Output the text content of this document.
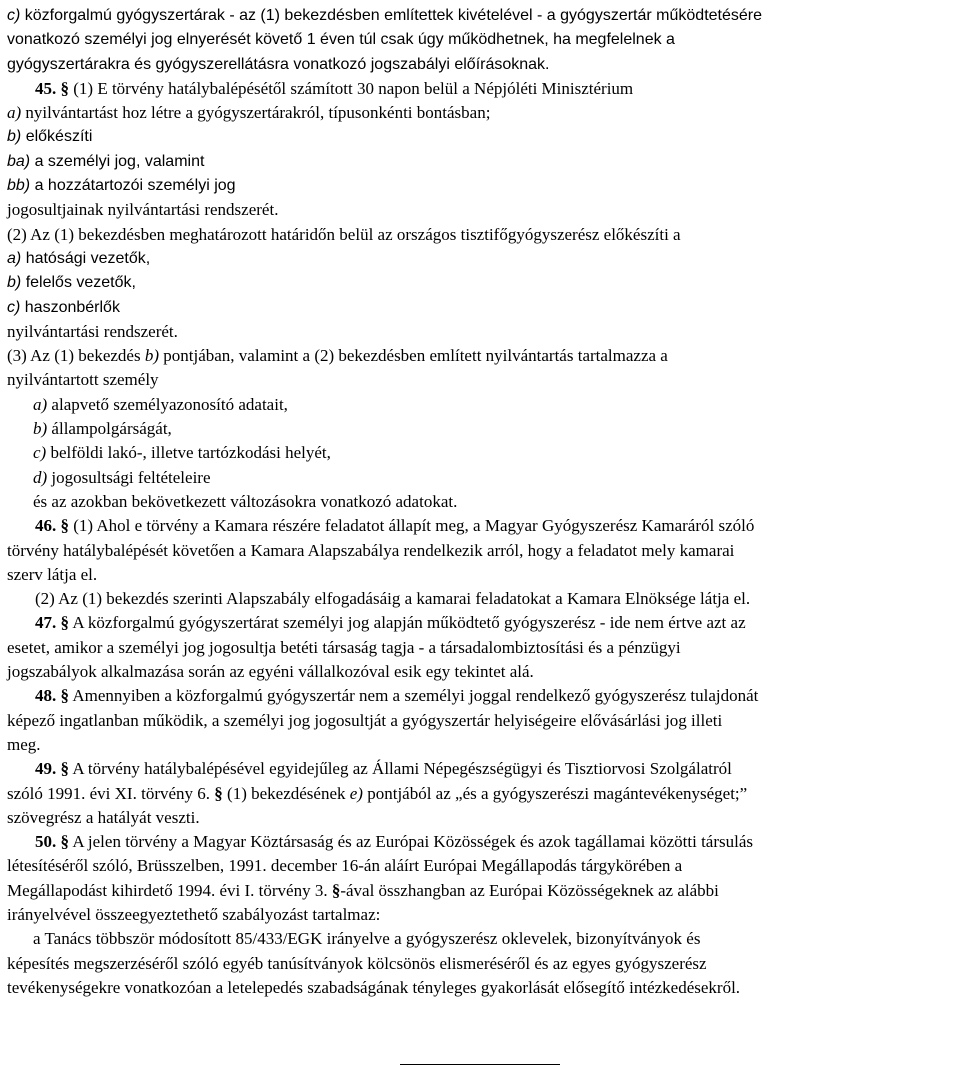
c) közforgalmú gyógyszertárak - az (1) bekezdésben említettek kivételével - a gyógyszertár működtetésére
vonatkozó személyi jog elnyerését követő 1 éven túl csak úgy működhetnek, ha megfelelnek a
gyógyszertárakra és gyógyszerellátásra vonatkozó jogszabályi előírásoknak.
45. § (1) E törvény hatálybalépésétől számított 30 napon belül a Népjóléti Minisztérium
a) nyilvántartást hoz létre a gyógyszertárakról, típusonkénti bontásban;
b) előkészíti
ba) a személyi jog, valamint
bb) a hozzátartozói személyi jog
jogosultjainak nyilvántartási rendszerét.
(2) Az (1) bekezdésben meghatározott határidőn belül az országos tisztifőgyógyszerész előkészíti a
a) hatósági vezetők,
b) felelős vezetők,
c) haszonbérlők
nyilvántartási rendszerét.
(3) Az (1) bekezdés b) pontjában, valamint a (2) bekezdésben említett nyilvántartás tartalmazza a
nyilvántartott személy
a) alapvető személyazonosító adatait,
b) állampolgárságát,
c) belföldi lakó-, illetve tartózkodási helyét,
d) jogosultsági feltételeire
és az azokban bekövetkezett változásokra vonatkozó adatokat.
46. § (1) Ahol e törvény a Kamara részére feladatot állapít meg, a Magyar Gyógyszerész Kamaráról szóló
törvény hatálybalépését követően a Kamara Alapszabálya rendelkezik arról, hogy a feladatot mely kamarai
szerv látja el.
(2) Az (1) bekezdés szerinti Alapszabály elfogadásáig a kamarai feladatokat a Kamara Elnöksége látja el.
47. § A közforgalmú gyógyszertárat személyi jog alapján működtető gyógyszerész - ide nem értve azt az
esetet, amikor a személyi jog jogosultja betéti társaság tagja - a társadalombiztosítási és a pénzügyi
jogszabályok alkalmazása során az egyéni vállalkozóval esik egy tekintet alá.
48. § Amennyiben a közforgalmú gyógyszertár nem a személyi joggal rendelkező gyógyszerész tulajdonát
képező ingatlanban működik, a személyi jog jogosultját a gyógyszertár helyiségeire elővásárlási jog illeti
meg.
49. § A törvény hatálybalépésével egyidejűleg az Állami Népegészségügyi és Tisztiorvosi Szolgálatról
szóló 1991. évi XI. törvény 6. § (1) bekezdésének e) pontjából az „és a gyógyszerészi magántevékenységet;”
szövegrész a hatályát veszti.
50. § A jelen törvény a Magyar Köztársaság és az Európai Közösségek és azok tagállamai közötti társulás
létesítéséről szóló, Brüsszelben, 1991. december 16-án aláírt Európai Megállapodás tárgykörében a
Megállapodást kihirdető 1994. évi I. törvény 3. §-ával összhangban az Európai Közösségeknek az alábbi
irányelvével összeegyeztethető szabályozást tartalmaz:
a Tanács többször módosított 85/433/EGK irányelve a gyógyszerész oklevelek, bizonyítványok és
képesítés megszerzéséről szóló egyéb tanúsítványok kölcsönös elismeréséről és az egyes gyógyszerész
tevékenységekre vonatkozóan a letelepedés szabadságának tényleges gyakorlását elősegítő intézkedésekről.
